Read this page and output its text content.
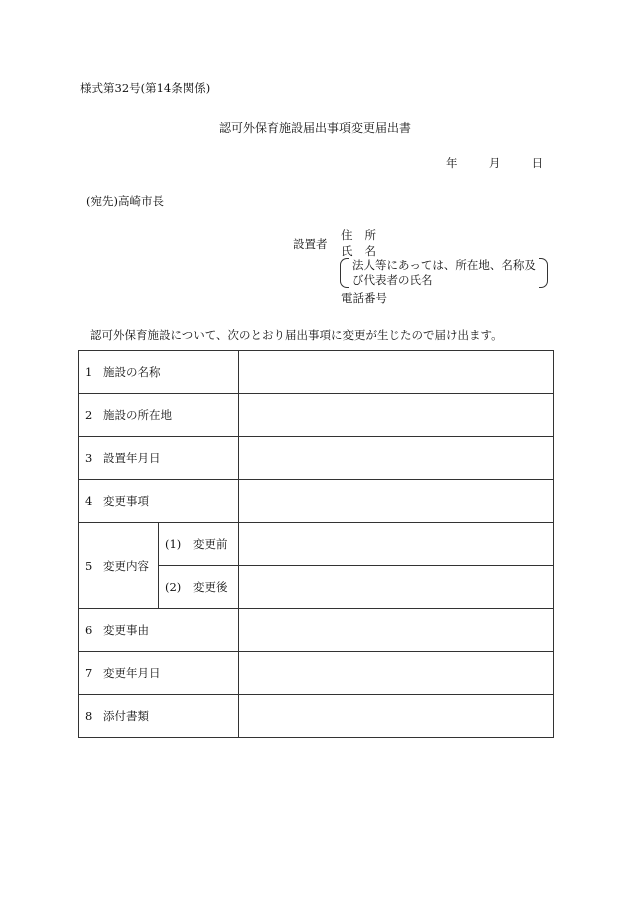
様式第32号(第14条関係)
認可外保育施設届出事項変更届出書
年	月	日
(宛先)高崎市長
設置者
住所
氏名
法人等にあっては、所在地、名称及び代表者の氏名
電話番号
認可外保育施設について、次のとおり届出事項に変更が生じたので届け出ます。
1 施設の名称		
2 施設の所在地		
3 設置年月日		
4 変更事項		
5 変更内容	(1) 変更前	
	(2) 変更後	
6 変更事由		
7 変更年月日		
8 添付書類		
